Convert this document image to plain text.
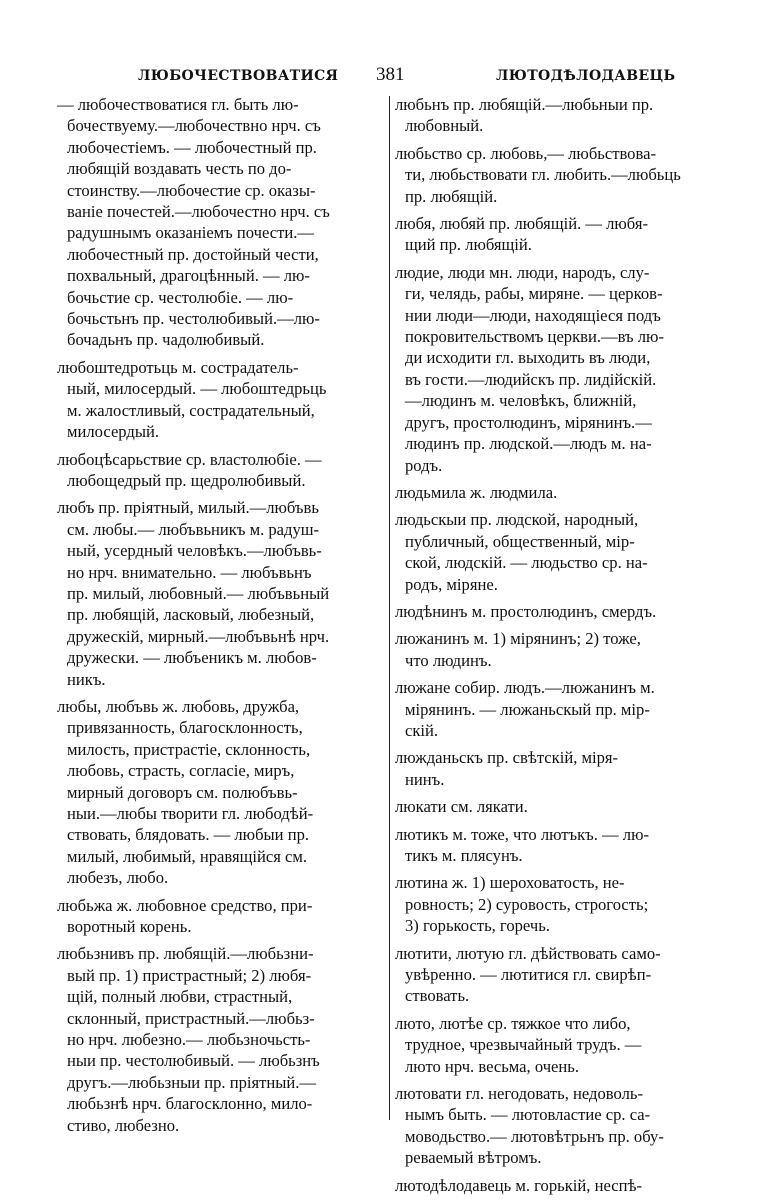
ЛЮБОЧЕСТВОВАТИСЯ 381	ЛЮТОДѢЛОДАВЕЦЬ
— любочествоватися гл. быть лю-
бочествуему.—любочествно нрч. съ
любочестіемъ. — любочестный пр.
любящій воздавать честь по до-
стоинству.—любочестие ср. оказы-
ваніе почестей.—любочестно нрч. съ
радушнымъ оказаніемъ почести.—
любочестный пр. достойный чести,
похвальный, драгоцѣнный. — лю-
бочьстие ср. честолюбіе. — лю-
бочьстьнъ пр. честолюбивый.—лю-
бочадьнъ пр. чадолюбивый.
любоштедротьць м. сострадатель-
ный, милосердый. — любоштедрьць
м. жалостливый, сострадательный,
милосердый.
любоцѣсарьствие ср. властолюбіе. —
любощедрый пр. щедролюбивый.
любъ пр. пріятный, милый.—любъвь
см. любы.— любъвьникъ м. радуш-
ный, усердный человѣкъ.—любъвь-
но нрч. внимательно. — любъвьнъ
пр. милый, любовный.— любъвьный
пр. любящій, ласковый, любезный,
дружескій, мирный.—любъвьнѣ нрч.
дружески. — любъеникъ м. любов-
никъ.
любы, любъвь ж. любовь, дружба,
привязанность, благосклонность,
милость, пристрастіе, склонность,
любовь, страсть, согласіе, миръ,
мирный договоръ см. полюбъвь-
ныи.—любы творити гл. любодѣй-
ствовать, блядовать. — любыи пр.
милый, любимый, нравящійся см.
любезъ, любо.
любьжа ж. любовное средство, при-
воротный корень.
любьзнивъ пр. любящій.—любьзни-
вый пр. 1) пристрастный; 2) любя-
щій, полный любви, страстный,
склонный, пристрастный.—любьз-
но нрч. любезно.— любьзночьсть-
ныи пр. честолюбивый. — любьзнъ
другъ.—любьзныи пр. пріятный.—
любьзнѣ нрч. благосклонно, мило-
стиво, любезно.
любьнъ пр. любящій.—любьныи пр.
любовный.
любьство ср. любовь,— любьствова-
ти, любьствовати гл. любить.—любьць
пр. любящій.
любя, любяй пр. любящій. — любя-
щий пр. любящій.
людие, люди мн. люди, народъ, слу-
ги, челядь, рабы, миряне. — церков-
нии люди—люди, находящіеся подъ
покровительствомъ церкви.—въ лю-
ди исходити гл. выходить въ люди,
въ гости.—людийскъ пр. лидійскій.
—людинъ м. человѣкъ, ближній,
другъ, простолюдинъ, мірянинъ.—
людинъ пр. людской.—людъ м. на-
родъ.
людьмила ж. людмила.
людьскыи пр. людской, народный,
публичный, общественный, мір-
ской, людскій. — людьство ср. на-
родъ, міряне.
людѣнинъ м. простолюдинъ, смердъ.
люжанинъ м. 1) мірянинъ; 2) тоже,
что людинъ.
люжане собир. людъ.—люжанинъ м.
мірянинъ. — люжаньскый пр. мір-
скій.
люжданьскъ пр. свѣтскій, міря-
нинъ.
люкати см. лякати.
лютикъ м. тоже, что лютъкъ. — лю-
тикъ м. плясунъ.
лютина ж. 1) шероховатость, не-
ровность; 2) суровость, строгость;
3) горькость, горечь.
лютити, лютую гл. дѣйствовать само-
увѣренно. — лютитися гл. свирѣп-
ствовать.
люто, лютѣе ср. тяжкое что либо,
трудное, чрезвычайный трудъ. —
люто нрч. весьма, очень.
лютовати гл. негодовать, недоволь-
нымъ быть. — лютовластие ср. са-
моводьство.— лютовѣтрьнъ пр. обу-
реваемый вѣтромъ.
лютодѣлодавець м. горькій, неспѣ-
